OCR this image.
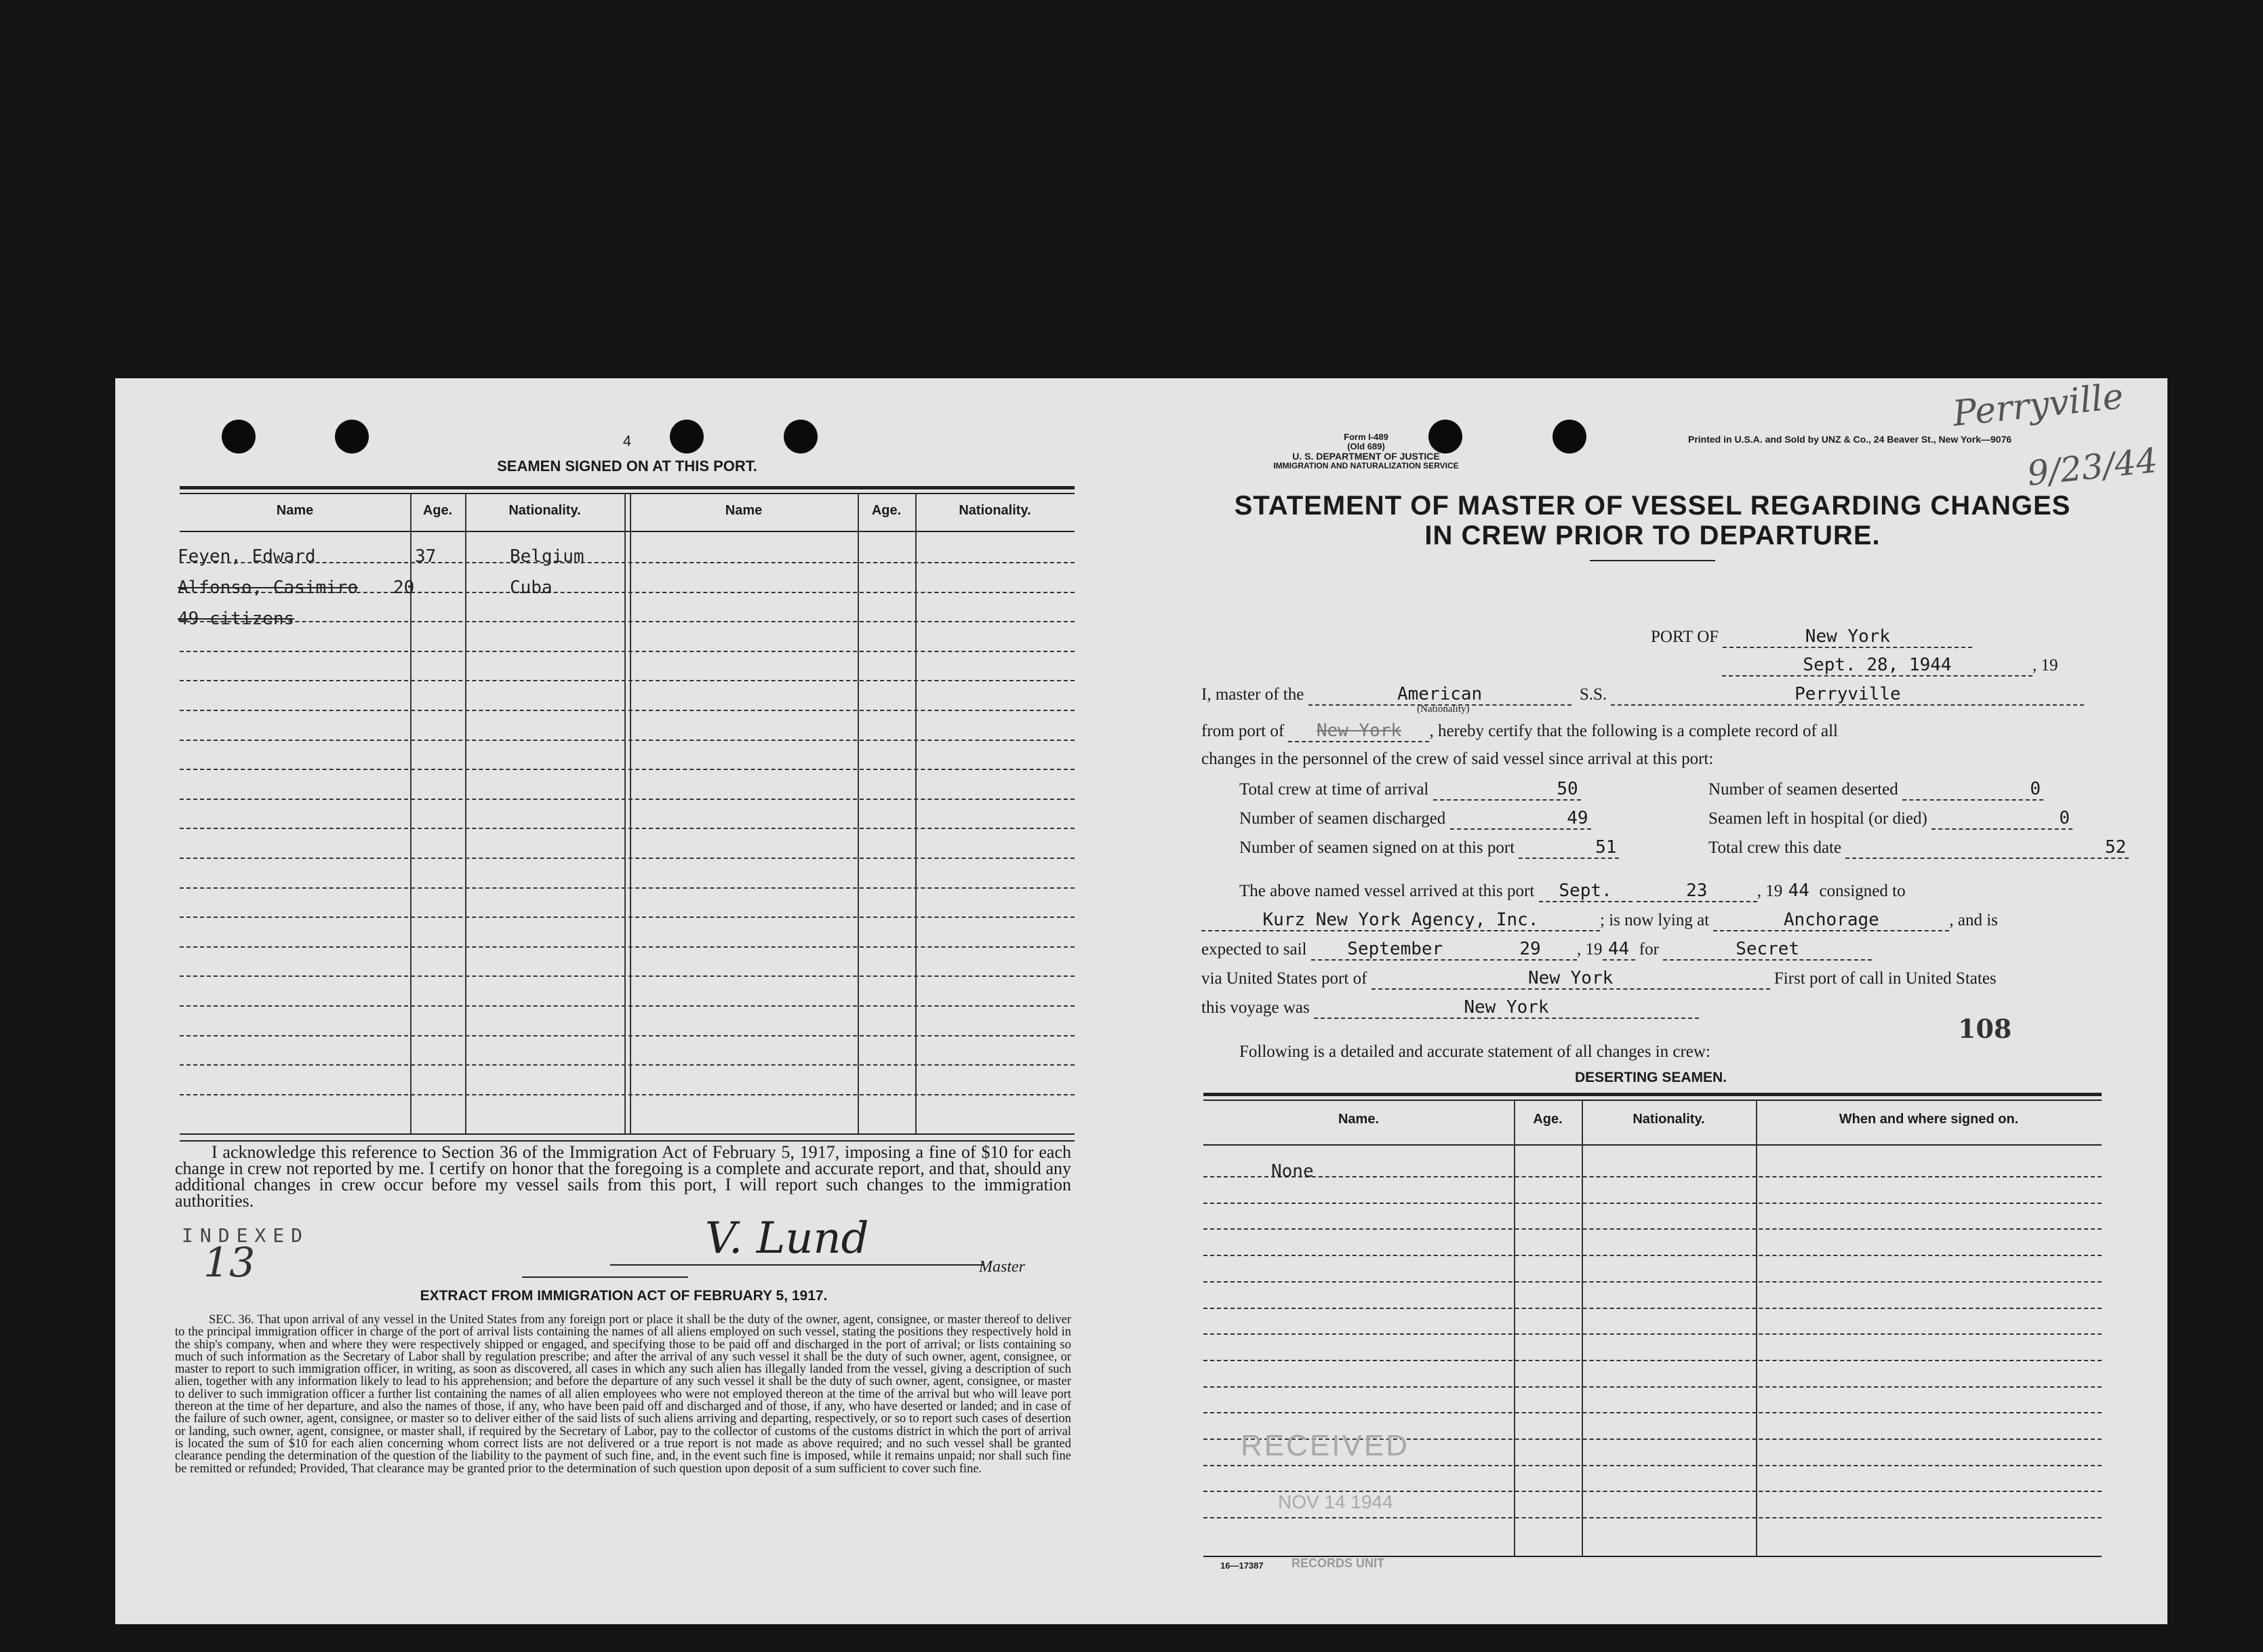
Perryville
9/23/44
4
SEAMEN SIGNED ON AT THIS PORT.
Name	Age.	Nationality.	Name	Age.	Nationality.
Feyen, Edward	37	Belgium
Alfonso, Casimiro 20	Cuba
49 citizens
I acknowledge this reference to Section 36 of the Immigration Act of February 5, 1917, imposing a fine of $10 for each change in crew not reported by me. I certify on honor that the foregoing is a complete and accurate report, and that, should any additional changes in crew occur before my vessel sails from this port, I will report such changes to the immigration authorities.
INDEXED
13	V. Lund
Master
EXTRACT FROM IMMIGRATION ACT OF FEBRUARY 5, 1917.
SEC. 36. That upon arrival of any vessel in the United States from any foreign port or place it shall be the duty of the owner, agent, consignee, or master thereof to deliver to the principal immigration officer in charge of the port of arrival lists containing the names of all aliens employed on such vessel, stating the positions they respectively hold in the ship's company, when and where they were respectively shipped or engaged, and specifying those to be paid off and discharged in the port of arrival; or lists containing so much of such information as the Secretary of Labor shall by regulation prescribe; and after the arrival of any such vessel it shall be the duty of such owner, agent, consignee, or master to report to such immigration officer, in writing, as soon as discovered, all cases in which any such alien has illegally landed from the vessel, giving a description of such alien, together with any information likely to lead to his apprehension; and before the departure of any such vessel it shall be the duty of such owner, agent, consignee, or master to deliver to such immigration officer a further list containing the names of all alien employees who were not employed thereon at the time of the arrival but who will leave port thereon at the time of her departure, and also the names of those, if any, who have been paid off and discharged and of those, if any, who have deserted or landed; and in case of the failure of such owner, agent, consignee, or master so to deliver either of the said lists of such aliens arriving and departing, respectively, or so to report such cases of desertion or landing, such owner, agent, consignee, or master shall, if required by the Secretary of Labor, pay to the collector of customs of the customs district in which the port of arrival is located the sum of $10 for each alien concerning whom correct lists are not delivered or a true report is not made as above required; and no such vessel shall be granted clearance pending the determination of the question of the liability to the payment of such fine, and, in the event such fine is imposed, while it remains unpaid; nor shall such fine be remitted or refunded; Provided, That clearance may be granted prior to the determination of such question upon deposit of a sum sufficient to cover such fine.
Form I-489
(Old 689)
U. S. DEPARTMENT OF JUSTICE
IMMIGRATION AND NATURALIZATION SERVICE
Printed in U.S.A. and Sold by UNZ & Co., 24 Beaver St., New York—9076
STATEMENT OF MASTER OF VESSEL REGARDING CHANGES
IN CREW PRIOR TO DEPARTURE.
PORT OF	New York
Sept. 28, 1944	, 19
I, master of the	American	S.S.	Perryville
(Nationality)
from port of New York , hereby certify that the following is a complete record of all
changes in the personnel of the crew of said vessel since arrival at this port:
Total crew at time of arrival	50	Number of seamen deserted	0
Number of seamen discharged	49	Seamen left in hospital (or died)	0
Number of seamen signed on at this port	51	Total crew this date	52
The above named vessel arrived at this port Sept.	23	, 19 44 consigned to
Kurz New York Agency, Inc.	; is now lying at	Anchorage	, and is
expected to sail September	29 , 19 44 for	Secret
via United States port of	New York	First port of call in United States
this voyage was	New York
108
Following is a detailed and accurate statement of all changes in crew:
DESERTING SEAMEN.
Name.	Age.	Nationality.	When and where signed on.
None
RECEIVED
NOV 14 1944
16—17387 RECORDS UNIT
